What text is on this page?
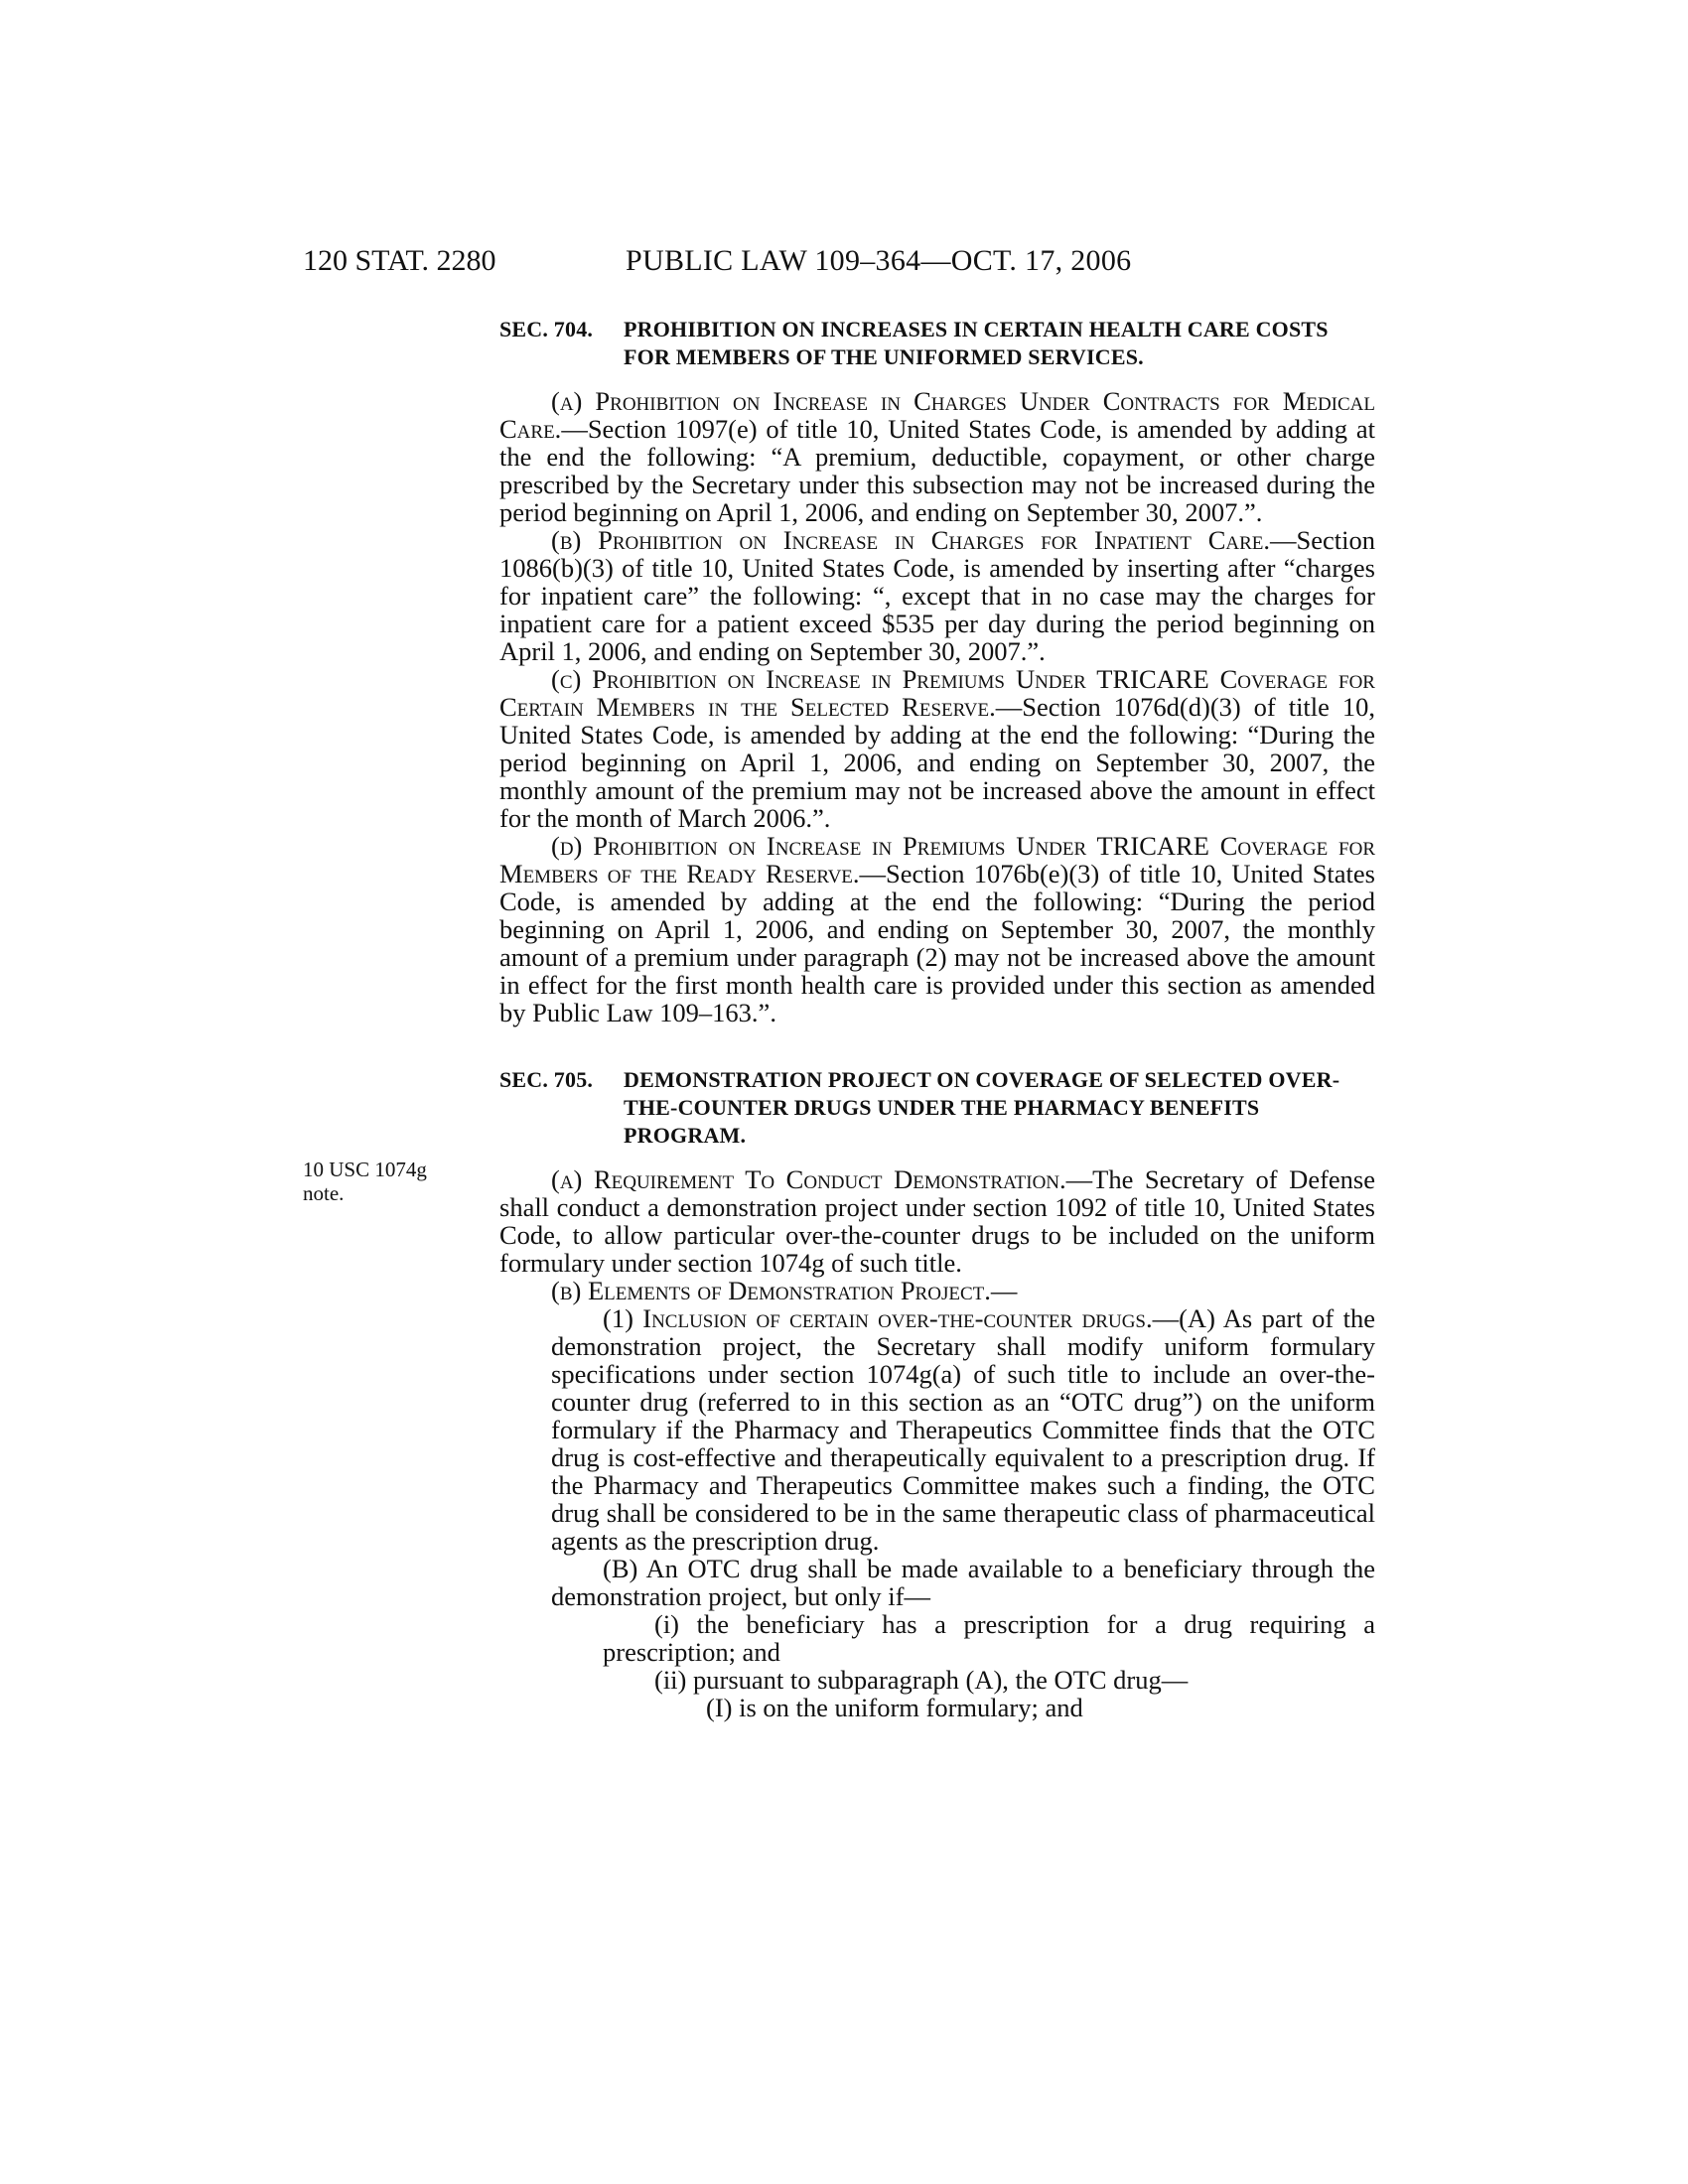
120 STAT. 2280	PUBLIC LAW 109–364—OCT. 17, 2006
10 USC 1074g
note.
SEC. 704. PROHIBITION ON INCREASES IN CERTAIN HEALTH CARE COSTS FOR MEMBERS OF THE UNIFORMED SERVICES.

(a) Prohibition on Increase in Charges Under Contracts for Medical Care.—Section 1097(e) of title 10, United States Code, is amended by adding at the end the following: “A premium, deductible, copayment, or other charge prescribed by the Secretary under this subsection may not be increased during the period beginning on April 1, 2006, and ending on September 30, 2007.”.

(b) Prohibition on Increase in Charges for Inpatient Care.—Section 1086(b)(3) of title 10, United States Code, is amended by inserting after “charges for inpatient care” the following: “, except that in no case may the charges for inpatient care for a patient exceed $535 per day during the period beginning on April 1, 2006, and ending on September 30, 2007.”.

(c) Prohibition on Increase in Premiums Under TRICARE Coverage for Certain Members in the Selected Reserve.—Section 1076d(d)(3) of title 10, United States Code, is amended by adding at the end the following: “During the period beginning on April 1, 2006, and ending on September 30, 2007, the monthly amount of the premium may not be increased above the amount in effect for the month of March 2006.”.

(d) Prohibition on Increase in Premiums Under TRICARE Coverage for Members of the Ready Reserve.—Section 1076b(e)(3) of title 10, United States Code, is amended by adding at the end the following: “During the period beginning on April 1, 2006, and ending on September 30, 2007, the monthly amount of a premium under paragraph (2) may not be increased above the amount in effect for the first month health care is provided under this section as amended by Public Law 109–163.”.

SEC. 705. DEMONSTRATION PROJECT ON COVERAGE OF SELECTED OVER-THE-COUNTER DRUGS UNDER THE PHARMACY BENEFITS PROGRAM.

(a) Requirement To Conduct Demonstration.—The Secretary of Defense shall conduct a demonstration project under section 1092 of title 10, United States Code, to allow particular over-the-counter drugs to be included on the uniform formulary under section 1074g of such title.

(b) Elements of Demonstration Project.—

(1) Inclusion of certain over-the-counter drugs.—(A) As part of the demonstration project, the Secretary shall modify uniform formulary specifications under section 1074g(a) of such title to include an over-the-counter drug (referred to in this section as an “OTC drug”) on the uniform formulary if the Pharmacy and Therapeutics Committee finds that the OTC drug is cost-effective and therapeutically equivalent to a prescription drug. If the Pharmacy and Therapeutics Committee makes such a finding, the OTC drug shall be considered to be in the same therapeutic class of pharmaceutical agents as the prescription drug.

(B) An OTC drug shall be made available to a beneficiary through the demonstration project, but only if—

(i) the beneficiary has a prescription for a drug requiring a prescription; and

(ii) pursuant to subparagraph (A), the OTC drug—

(I) is on the uniform formulary; and
